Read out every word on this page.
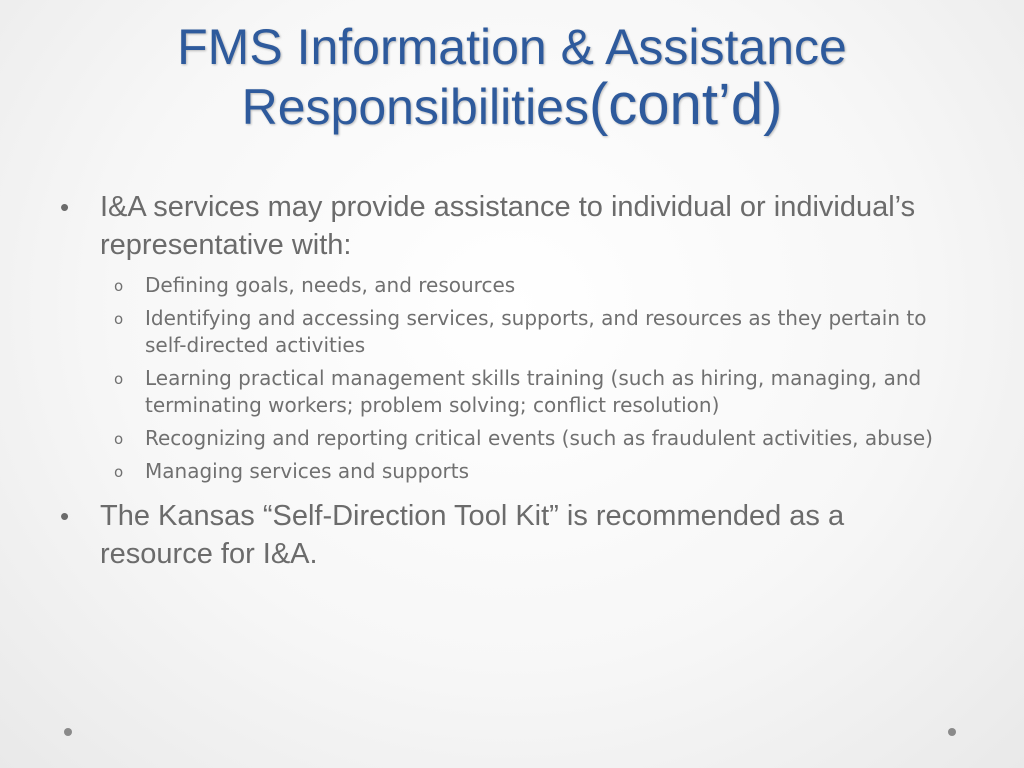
FMS Information & Assistance
Responsibilities(cont’d)
• I&A services may provide assistance to individual or individual’s representative with:
o Defining goals, needs, and resources
o Identifying and accessing services, supports, and resources as they pertain to self-directed activities
o Learning practical management skills training (such as hiring, managing, and terminating workers; problem solving; conflict resolution)
o Recognizing and reporting critical events (such as fraudulent activities, abuse)
o Managing services and supports
• The Kansas “Self-Direction Tool Kit” is recommended as a resource for I&A.
